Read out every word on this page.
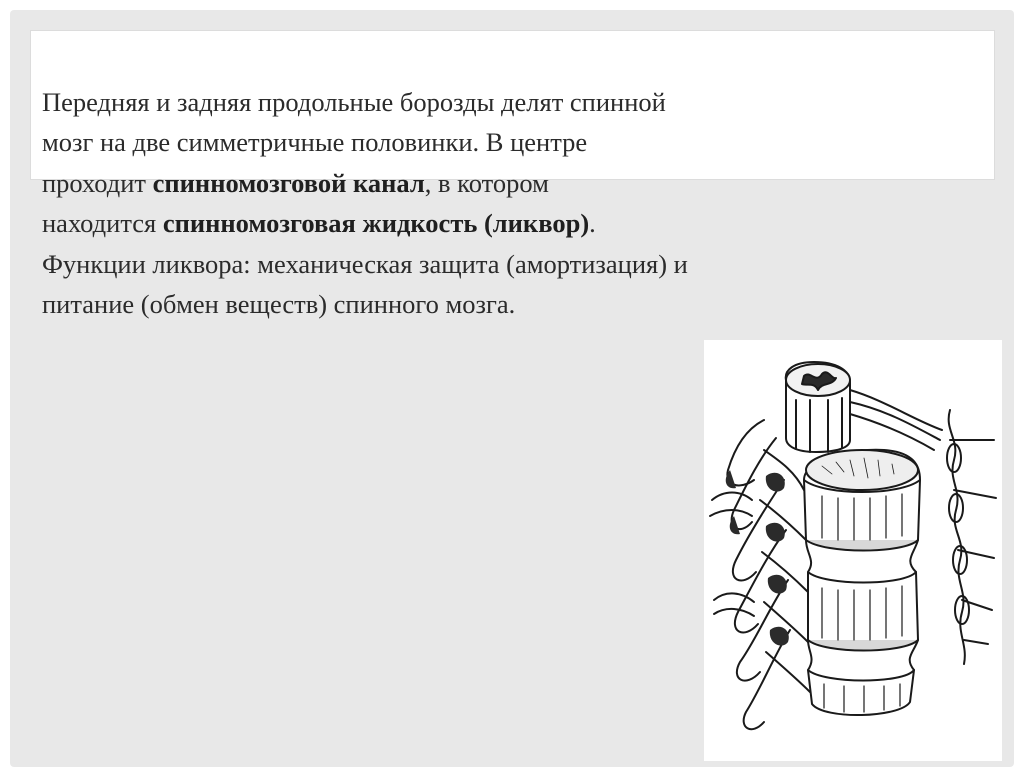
Передняя и задняя продольные борозды делят спинной
мозг на две симметричные половинки. В центре
проходит спинномозговой канал, в котором
находится спинномозговая жидкость (ликвор).
Функции ликвора: механическая защита (амортизация) и
питание (обмен веществ) спинного мозга.
